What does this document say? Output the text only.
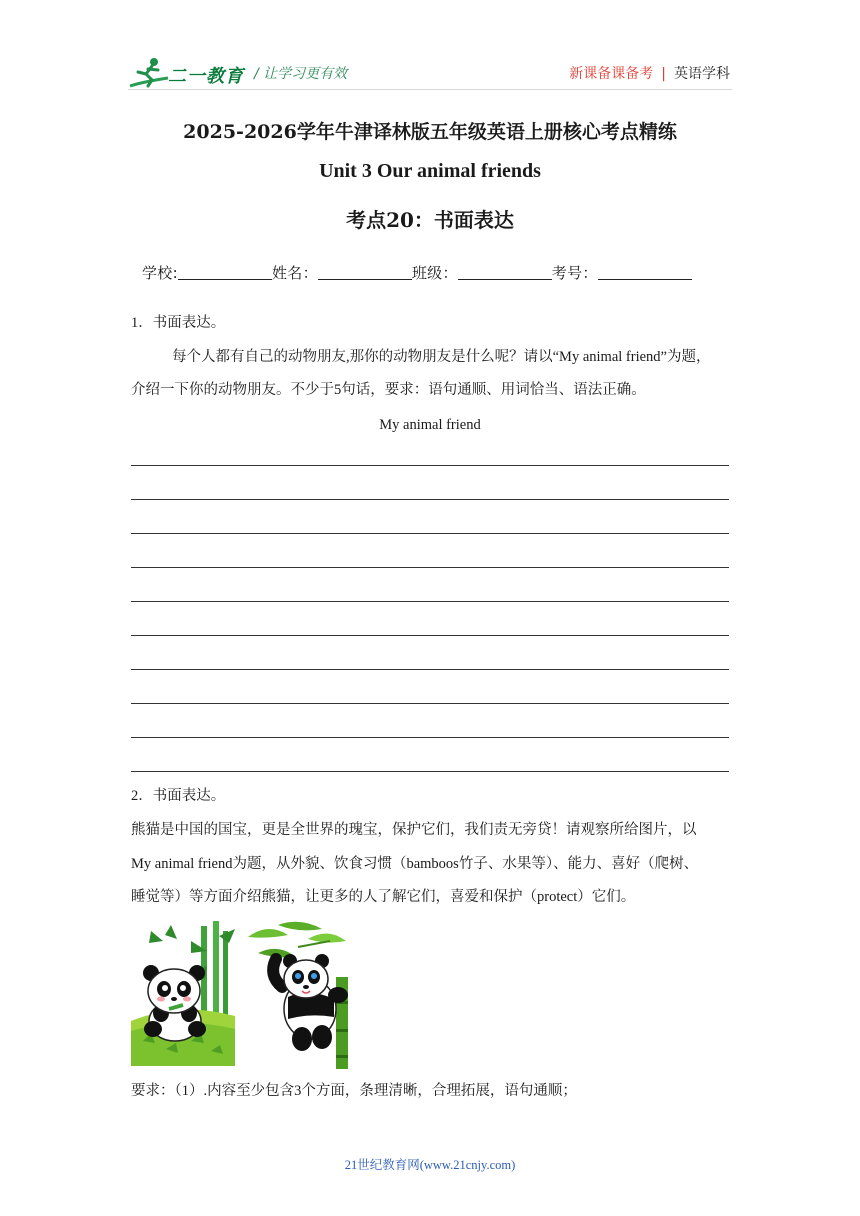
二一教育 / 让学习更有效	新课备课备考 | 英语学科
2025-2026学年牛津译林版五年级英语上册核心考点精练
Unit 3 Our animal friends
考点20：书面表达
学校:	姓名：	班级：	考号：
1．书面表达。
每个人都有自己的动物朋友,那你的动物朋友是什么呢？请以“My animal friend”为题，
介绍一下你的动物朋友。不少于5句话，要求：语句通顺、用词恰当、语法正确。
My animal friend
2．书面表达。
熊猫是中国的国宝，更是全世界的瑰宝，保护它们，我们责无旁贷！请观察所给图片，以
My animal friend为题，从外貌、饮食习惯（bamboos竹子、水果等）、能力、喜好（爬树、
睡觉等）等方面介绍熊猫，让更多的人了解它们，喜爱和保护（protect）它们。
要求：（1）.内容至少包含3个方面，条理清晰，合理拓展，语句通顺；
21世纪教育网(www.21cnjy.com)
